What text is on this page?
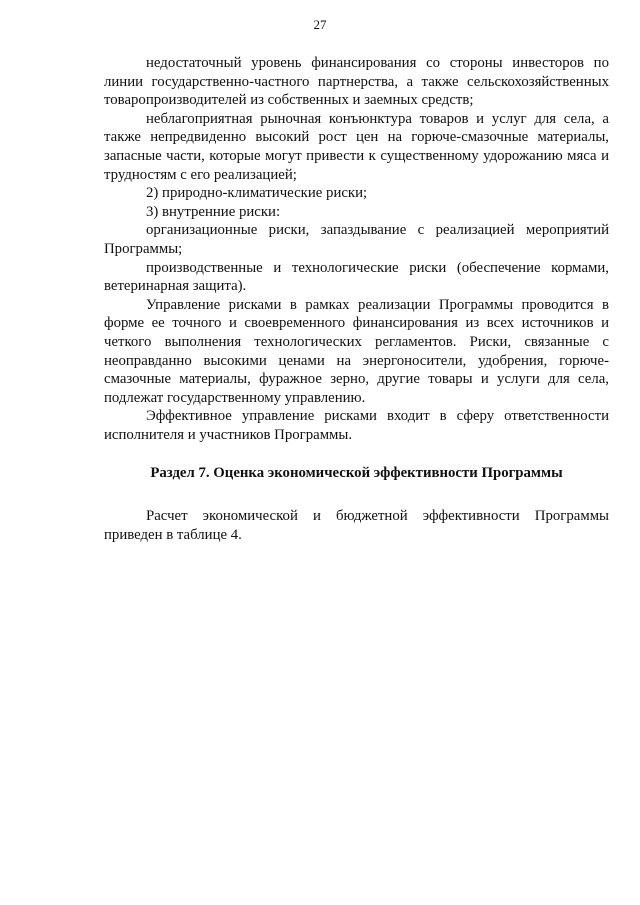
27

недостаточный уровень финансирования со стороны инвесторов по линии государственно-частного партнерства, а также сельскохозяйственных товаропроизводителей из собственных и заемных средств;

неблагоприятная рыночная конъюнктура товаров и услуг для села, а также непредвиденно высокий рост цен на горюче-смазочные материалы, запасные части, которые могут привести к существенному удорожанию мяса и трудностям с его реализацией;

2) природно-климатические риски;

3) внутренние риски:

организационные риски, запаздывание с реализацией мероприятий Программы;

производственные и технологические риски (обеспечение кормами, ветеринарная защита).

Управление рисками в рамках реализации Программы проводится в форме ее точного и своевременного финансирования из всех источников и четкого выполнения технологических регламентов. Риски, связанные с неоправданно высокими ценами на энергоносители, удобрения, горюче-смазочные материалы, фуражное зерно, другие товары и услуги для села, подлежат государственному управлению.

Эффективное управление рисками входит в сферу ответственности исполнителя и участников Программы.

Раздел 7. Оценка экономической эффективности Программы

Расчет экономической и бюджетной эффективности Программы приведен в таблице 4.
